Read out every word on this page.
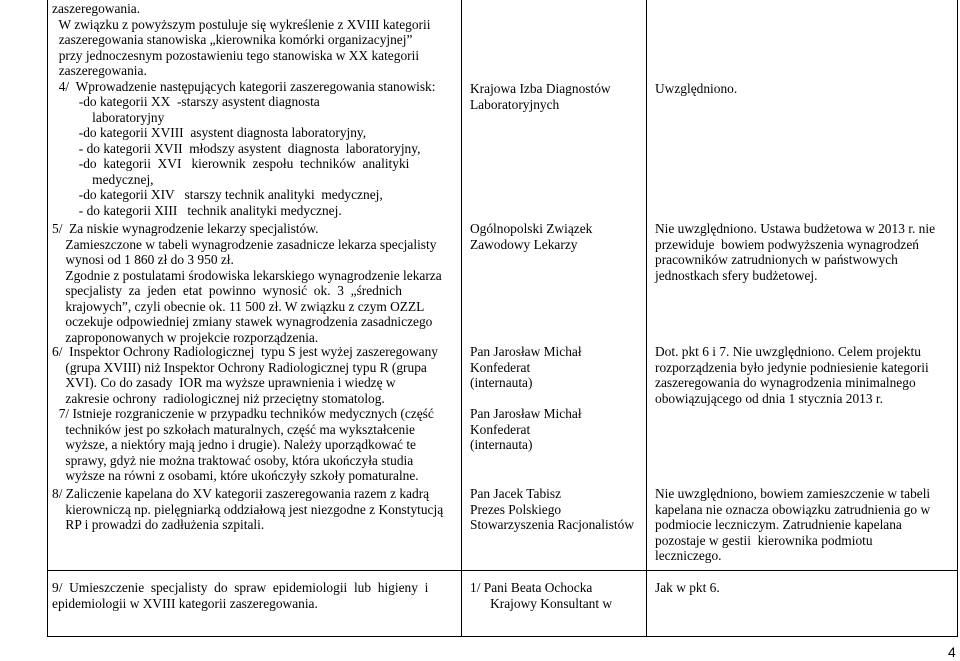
zaszeregowania.

W związku z powyższym postuluje się wykreślenie z XVIII kategorii

zaszeregowania stanowiska „kierownika komórki organizacyjnej”

przy jednoczesnym pozostawieniu tego stanowiska w XX kategorii

zaszeregowania.

4/  Wprowadzenie następujących kategorii zaszeregowania stanowisk:

-do kategorii XX  -starszy asystent diagnosta

laboratoryjny

-do kategorii XVIII  asystent diagnosta laboratoryjny,

- do kategorii XVII  młodszy asystent  diagnosta  laboratoryjny,

-do  kategorii  XVI   kierownik  zespołu  techników  analityki

medycznej,

-do kategorii XIV   starszy technik analityki  medycznej,

- do kategorii XIII   technik analityki medycznej.

5/  Za niskie wynagrodzenie lekarzy specjalistów.

Zamieszczone w tabeli wynagrodzenie zasadnicze lekarza specjalisty

wynosi od 1 860 zł do 3 950 zł.

Zgodnie z postulatami środowiska lekarskiego wynagrodzenie lekarza

specjalisty  za  jeden  etat  powinno  wynosić  ok.  3  „średnich

krajowych”, czyli obecnie ok. 11 500 zł. W związku z czym OZZL

oczekuje odpowiedniej zmiany stawek wynagrodzenia zasadniczego

zaproponowanych w projekcie rozporządzenia.

6/  Inspektor Ochrony Radiologicznej  typu S jest wyżej zaszeregowany

(grupa XVIII) niż Inspektor Ochrony Radiologicznej typu R (grupa

XVI). Co do zasady  IOR ma wyższe uprawnienia i wiedzę w

zakresie ochrony  radiologicznej niż przeciętny stomatolog.

7/ Istnieje rozgraniczenie w przypadku techników medycznych (część

techników jest po szkołach maturalnych, część ma wykształcenie

wyższe, a niektóry mają jedno i drugie). Należy uporządkować te

sprawy, gdyż nie można traktować osoby, która ukończyła studia

wyższe na równi z osobami, które ukończyły szkoły pomaturalne.

8/ Zaliczenie kapelana do XV kategorii zaszeregowania razem z kadrą

kierowniczą np. pielęgniarką oddziałową jest niezgodne z Konstytucją

RP i prowadzi do zadłużenia szpitali.

9/  Umieszczenie  specjalisty  do  spraw  epidemiologii  lub  higieny  i

epidemiologii w XVIII kategorii zaszeregowania.

Krajowa Izba Diagnostów

Laboratoryjnych

Ogólnopolski Związek

Zawodowy Lekarzy

Pan Jarosław Michał

Konfederat

(internauta)

Pan Jarosław Michał

Konfederat

(internauta)

Pan Jacek Tabisz

Prezes Polskiego

Stowarzyszenia Racjonalistów

1/ Pani Beata Ochocka

Krajowy Konsultant w

Uwzględniono.

Nie uwzględniono. Ustawa budżetowa w 2013 r. nie

przewiduje  bowiem podwyższenia wynagrodzeń

pracowników zatrudnionych w państwowych

jednostkach sfery budżetowej.

Dot. pkt 6 i 7. Nie uwzględniono. Celem projektu

rozporządzenia było jedynie podniesienie kategorii

zaszeregowania do wynagrodzenia minimalnego

obowiązującego od dnia 1 stycznia 2013 r.

Nie uwzględniono, bowiem zamieszczenie w tabeli

kapelana nie oznacza obowiązku zatrudnienia go w

podmiocie leczniczym. Zatrudnienie kapelana

pozostaje w gestii  kierownika podmiotu

leczniczego.

Jak w pkt 6.

4
